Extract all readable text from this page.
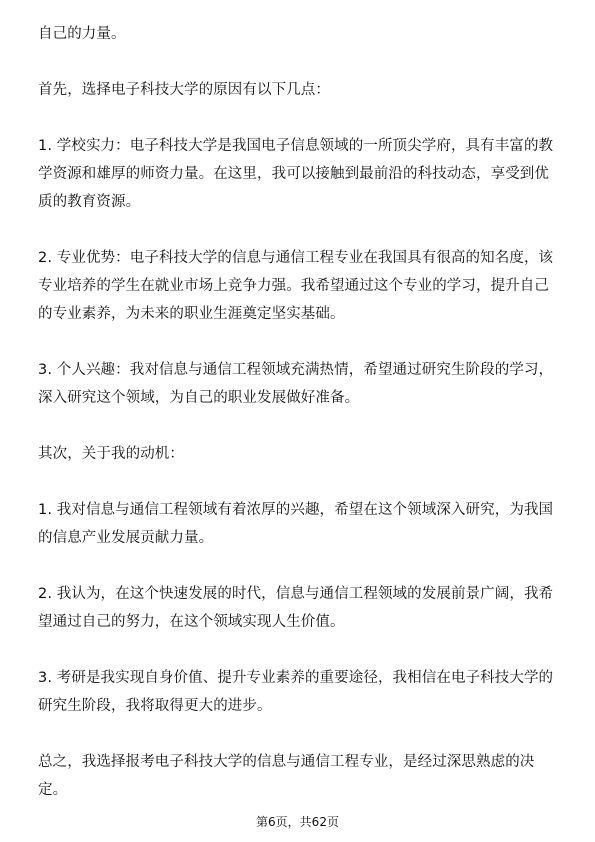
自己的力量。

首先，选择电子科技大学的原因有以下几点：

1. 学校实力：电子科技大学是我国电子信息领域的一所顶尖学府，具有丰富的教学资源和雄厚的师资力量。在这里，我可以接触到最前沿的科技动态，享受到优质的教育资源。

2. 专业优势：电子科技大学的信息与通信工程专业在我国具有很高的知名度，该专业培养的学生在就业市场上竞争力强。我希望通过这个专业的学习，提升自己的专业素养，为未来的职业生涯奠定坚实基础。

3. 个人兴趣：我对信息与通信工程领域充满热情，希望通过研究生阶段的学习，深入研究这个领域，为自己的职业发展做好准备。

其次，关于我的动机：

1. 我对信息与通信工程领域有着浓厚的兴趣，希望在这个领域深入研究，为我国的信息产业发展贡献力量。

2. 我认为，在这个快速发展的时代，信息与通信工程领域的发展前景广阔，我希望通过自己的努力，在这个领域实现人生价值。

3. 考研是我实现自身价值、提升专业素养的重要途径，我相信在电子科技大学的研究生阶段，我将取得更大的进步。

总之，我选择报考电子科技大学的信息与通信工程专业，是经过深思熟虑的决定。

第6页，共62页
